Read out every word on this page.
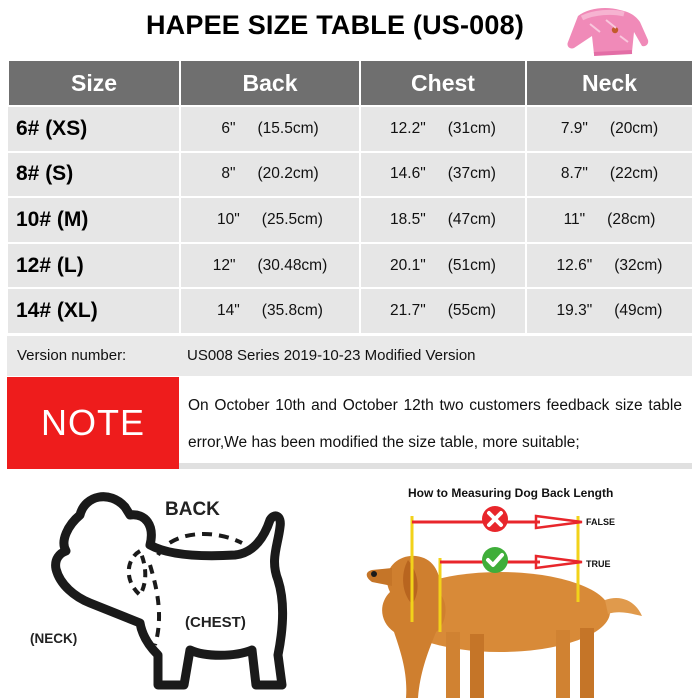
HAPEE SIZE TABLE (US-008)
Size	Back	Chest	Neck
6# (XS)	6" (15.5cm)	12.2" (31cm)	7.9" (20cm)
8# (S)	8" (20.2cm)	14.6" (37cm)	8.7" (22cm)
10# (M)	10" (25.5cm)	18.5" (47cm)	11" (28cm)
12# (L)	12" (30.48cm)	20.1" (51cm)	12.6" (32cm)
14# (XL)	14" (35.8cm)	21.7" (55cm)	19.3" (49cm)
Version number:	US008 Series 2019-10-23 Modified Version
NOTE	On October 10th and October 12th two customers feedback size table error,We has been modified the size table, more suitable;
BACK
(CHEST)
(NECK)
How to Measuring Dog Back Length
FALSE
TRUE
